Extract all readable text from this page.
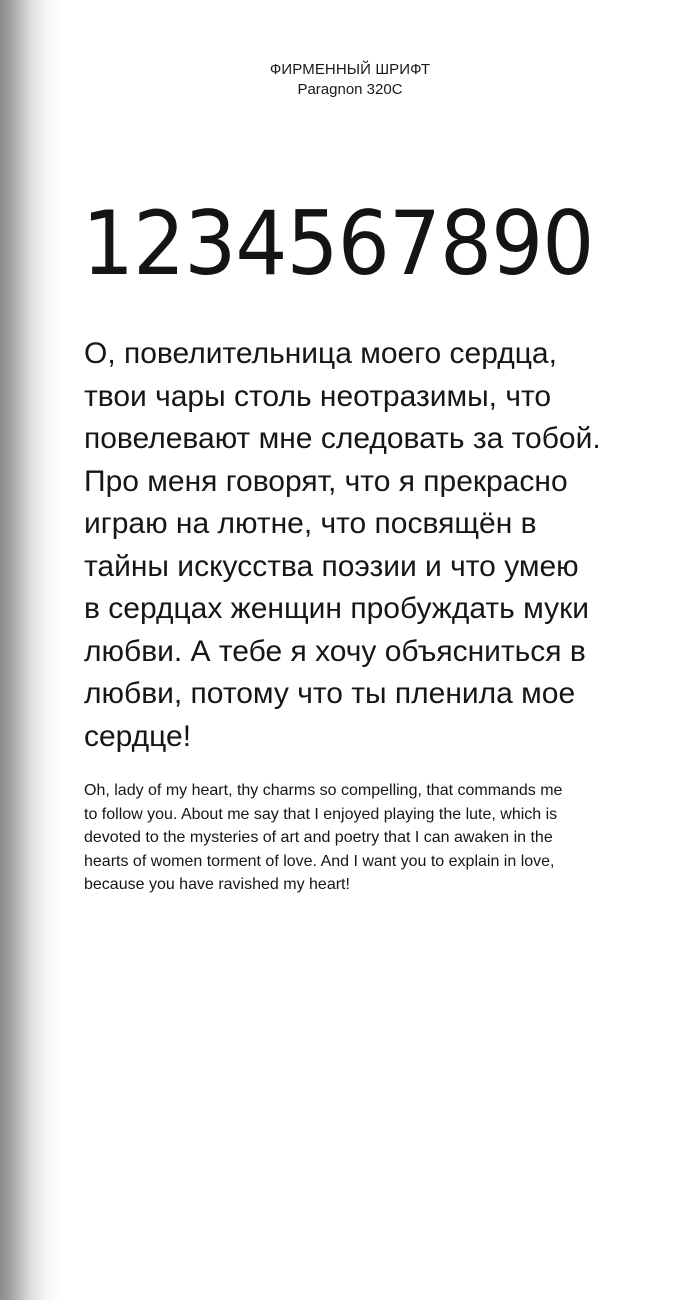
ФИРМЕННЫЙ ШРИФТ
Paragnon 320C
1234567890
О, повелительница моего сердца,
твои чары столь неотразимы, что
повелевают мне следовать за тобой.
Про меня говорят, что я прекрасно
играю на лютне, что посвящён в
тайны искусства поэзии и что умею
в сердцах женщин пробуждать муки
любви. А тебе я хочу объясниться в
любви, потому что ты пленила мое
сердце!
Oh, lady of my heart, thy charms so compelling, that commands me
to follow you. About me say that I enjoyed playing the lute, which is
devoted to the mysteries of art and poetry that I can awaken in the
hearts of women torment of love. And I want you to explain in love,
because you have ravished my heart!
